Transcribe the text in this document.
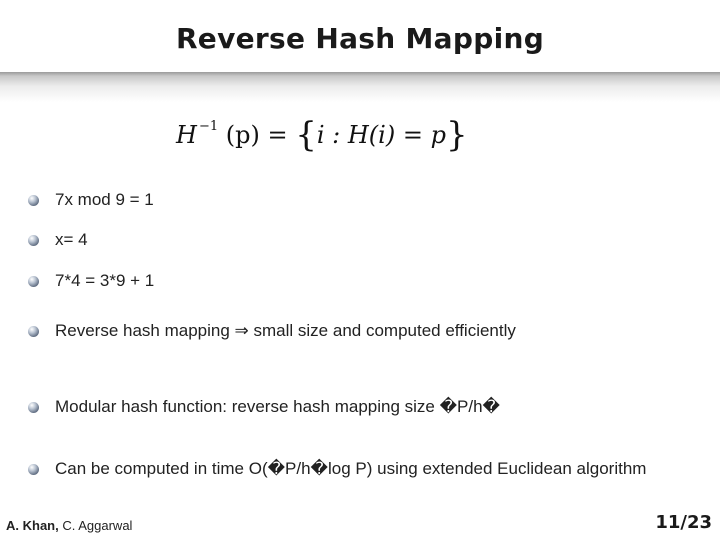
Reverse Hash Mapping
H $^{-1}$ (p) = {i : H(i) = p}
7x mod 9 = 1
x= 4
7*4 = 3*9 + 1
Reverse hash mapping ⇒ small size and computed efficiently
Modular hash function: reverse hash mapping size �P/h�
Can be computed in time O(�P/h�log P) using extended Euclidean algorithm
A. Khan, C. Aggarwal	11/23
